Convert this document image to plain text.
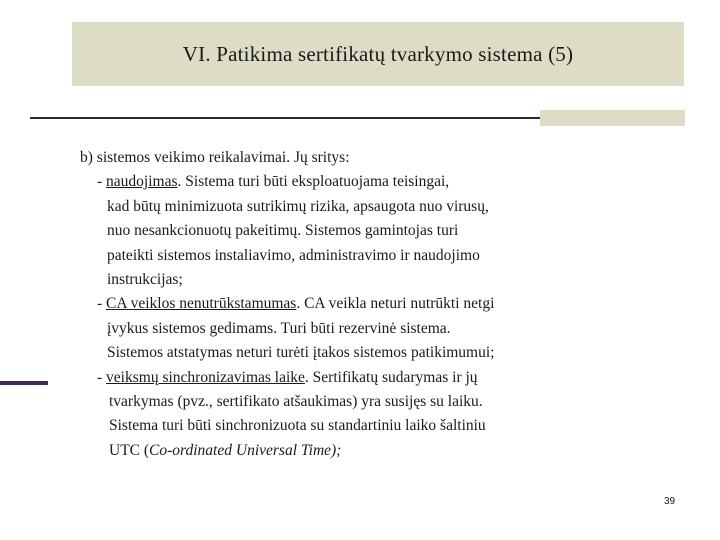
VI. Patikima sertifikatų tvarkymo sistema (5)
b) sistemos veikimo reikalavimai. Jų sritys:
- naudojimas. Sistema turi būti eksploatuojama teisingai,
kad būtų minimizuota sutrikimų rizika, apsaugota nuo virusų,
nuo nesankcionuotų pakeitimų. Sistemos gamintojas turi
pateikti sistemos instaliavimo, administravimo ir naudojimo
instrukcijas;
- CA veiklos nenutrūkstamumas. CA veikla neturi nutrūkti netgi
įvykus sistemos gedimams. Turi būti rezervinė sistema.
Sistemos atstatymas neturi turėti įtakos sistemos patikimumui;
- veiksmų sinchronizavimas laike. Sertifikatų sudarymas ir jų
tvarkymas (pvz., sertifikato atšaukimas) yra susijęs su laiku.
Sistema turi būti sinchronizuota su standartiniu laiko šaltiniu
UTC (Co-ordinated Universal Time);
39
